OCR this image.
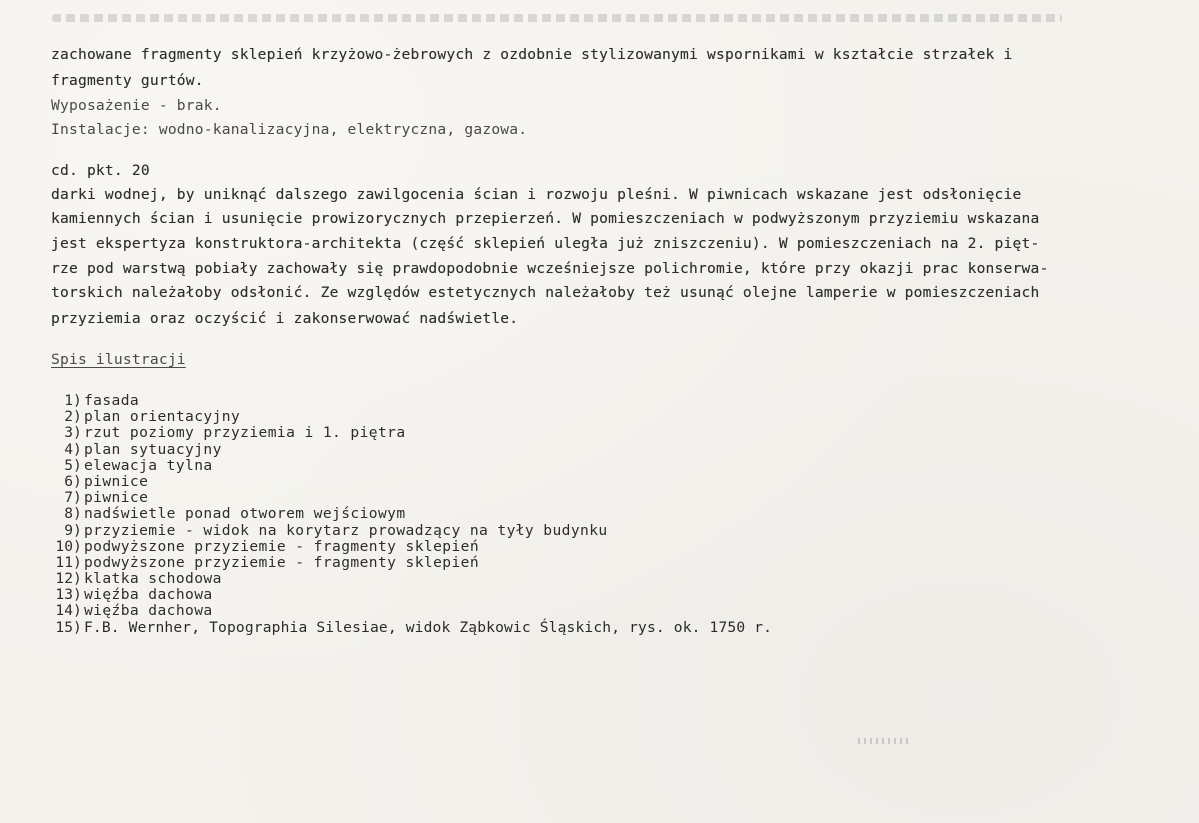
zachowane fragmenty sklepień krzyżowo-żebrowych z ozdobnie stylizowanymi wspornikami w kształcie strzałek i
fragmenty gurtów.
Wyposażenie - brak.
Instalacje: wodno-kanalizacyjna, elektryczna, gazowa.
cd. pkt. 20
darki wodnej, by uniknąć dalszego zawilgocenia ścian i rozwoju pleśni. W piwnicach wskazane jest odsłonięcie
kamiennych ścian i usunięcie prowizorycznych przepierzeń. W pomieszczeniach w podwyższonym przyziemiu wskazana
jest ekspertyza konstruktora-architekta (część sklepień uległa już zniszczeniu). W pomieszczeniach na 2. pięt-
rze pod warstwą pobiały zachowały się prawdopodobnie wcześniejsze polichromie, które przy okazji prac konserwa-
torskich należałoby odsłonić. Ze względów estetycznych należałoby też usunąć olejne lamperie w pomieszczeniach
przyziemia oraz oczyścić i zakonserwować nadświetle.
Spis ilustracji

1 ) fasada

2 ) plan orientacyjny

3 ) rzut poziomy przyziemia i 1. piętra

4 ) plan sytuacyjny

5 ) elewacja tylna

6 ) piwnice

7 ) piwnice

8 ) nadświetle ponad otworem wejściowym

9 ) przyziemie - widok na korytarz prowadzący na tyły budynku

10 ) podwyższone przyziemie - fragmenty sklepień

11 ) podwyższone przyziemie - fragmenty sklepień

12 ) klatka schodowa

13 ) więźba dachowa

14 ) więźba dachowa

15 ) F.B. Wernher, Topographia Silesiae, widok Ząbkowic Śląskich, rys. ok. 1750 r.
